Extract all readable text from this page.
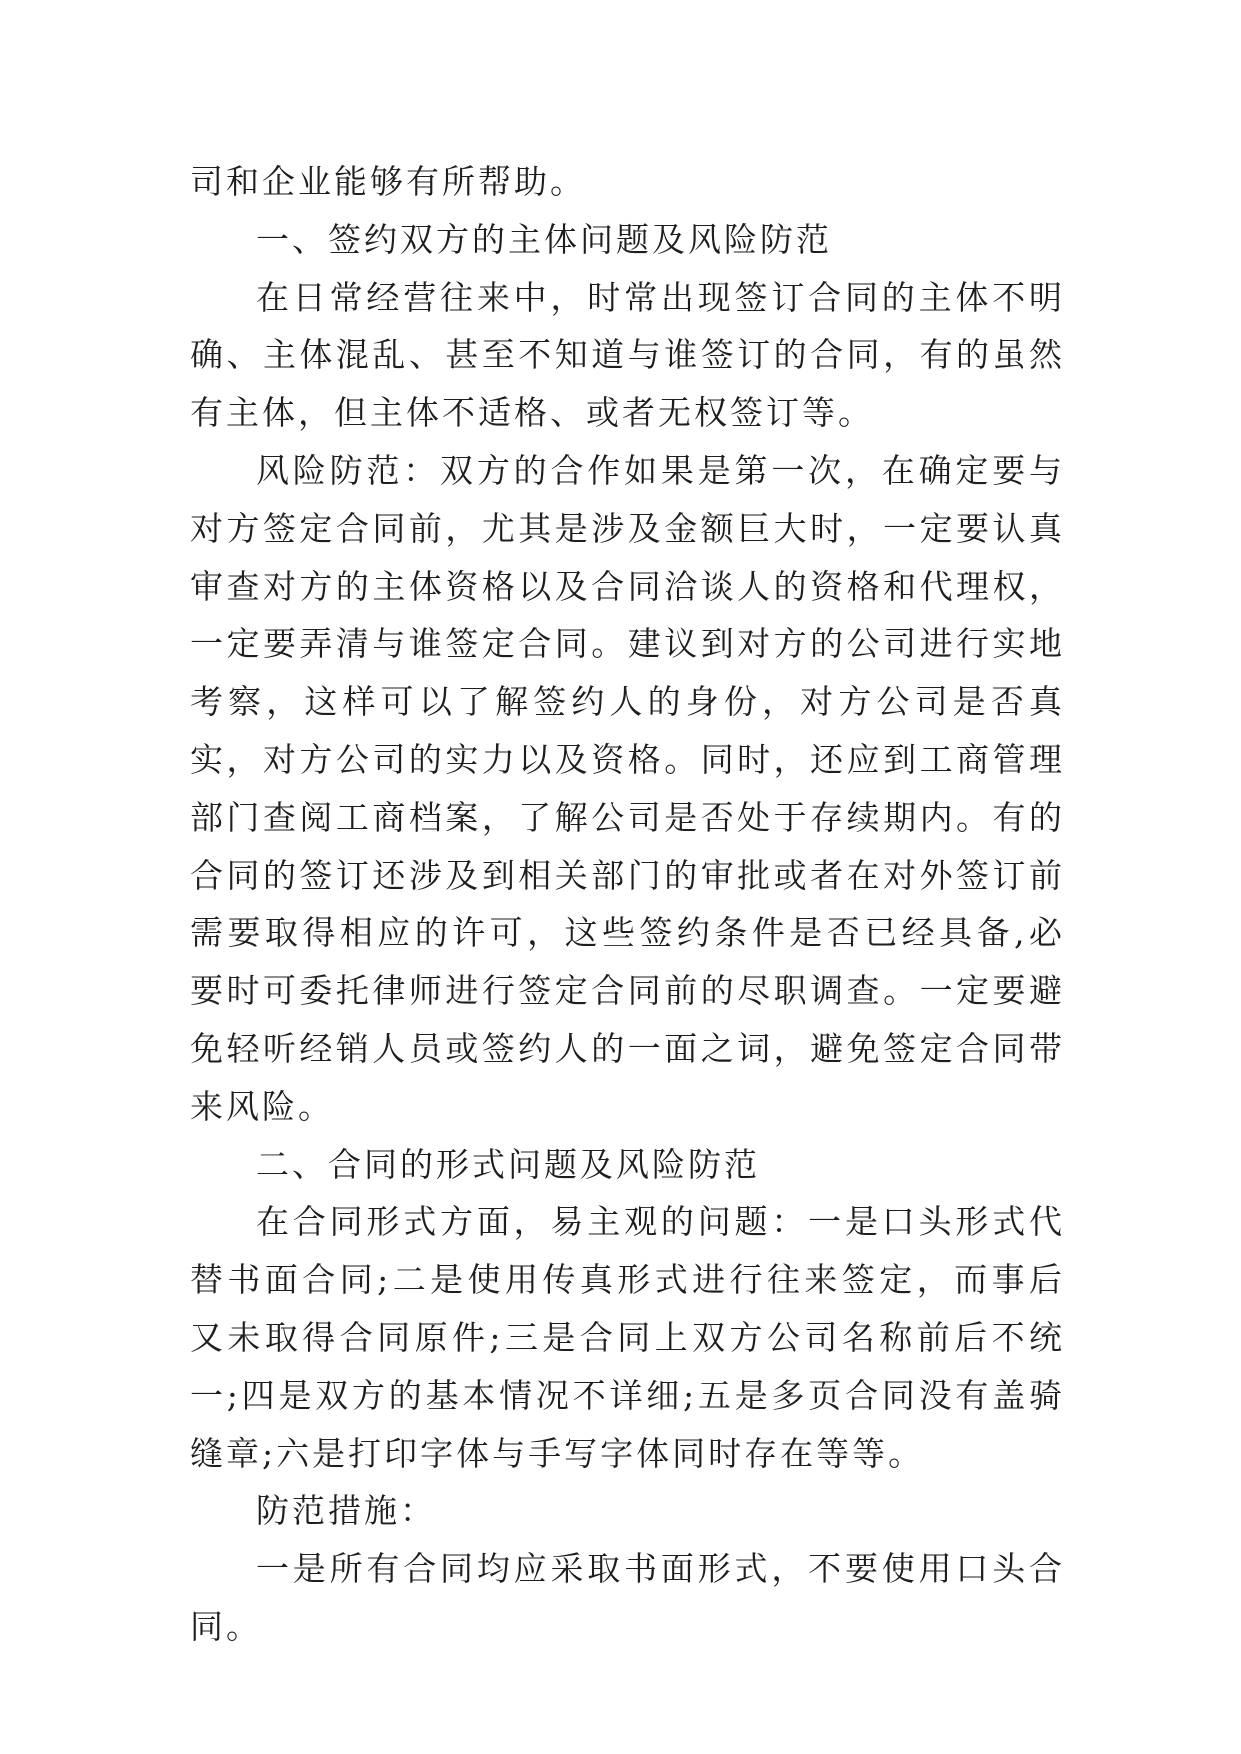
司和企业能够有所帮助。

一、签约双方的主体问题及风险防范

在日常经营往来中，时常出现签订合同的主体不明确、主体混乱、甚至不知道与谁签订的合同，有的虽然有主体，但主体不适格、或者无权签订等。

风险防范：双方的合作如果是第一次，在确定要与对方签定合同前，尤其是涉及金额巨大时，一定要认真审查对方的主体资格以及合同洽谈人的资格和代理权，一定要弄清与谁签定合同。建议到对方的公司进行实地考察，这样可以了解签约人的身份，对方公司是否真实，对方公司的实力以及资格。同时，还应到工商管理部门查阅工商档案，了解公司是否处于存续期内。有的合同的签订还涉及到相关部门的审批或者在对外签订前需要取得相应的许可，这些签约条件是否已经具备,必要时可委托律师进行签定合同前的尽职调查。一定要避免轻听经销人员或签约人的一面之词，避免签定合同带来风险。

二、合同的形式问题及风险防范

在合同形式方面，易主观的问题：一是口头形式代替书面合同;二是使用传真形式进行往来签定，而事后又未取得合同原件;三是合同上双方公司名称前后不统一;四是双方的基本情况不详细;五是多页合同没有盖骑缝章;六是打印字体与手写字体同时存在等等。

防范措施：

一是所有合同均应采取书面形式，不要使用口头合同。
